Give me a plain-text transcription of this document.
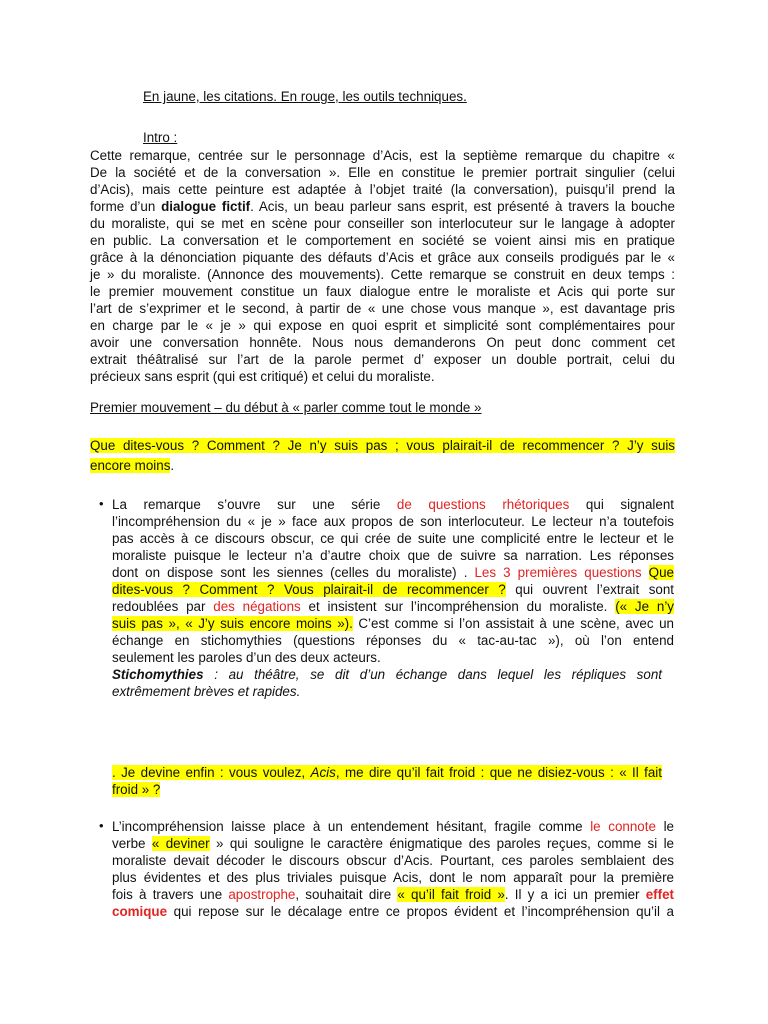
En jaune, les citations. En rouge, les outils techniques.
Intro :
Cette remarque, centrée sur le personnage d’Acis, est la septième remarque du chapitre «
De la société et de la conversation ». Elle en constitue le premier portrait singulier (celui
d’Acis), mais cette peinture est adaptée à l’objet traité (la conversation), puisqu’il prend la
forme d’un dialogue fictif. Acis, un beau parleur sans esprit, est présenté à travers la bouche
du moraliste, qui se met en scène pour conseiller son interlocuteur sur le langage à adopter
en public. La conversation et le comportement en société se voient ainsi mis en pratique
grâce à la dénonciation piquante des défauts d’Acis et grâce aux conseils prodigués par le «
je » du moraliste. (Annonce des mouvements). Cette remarque se construit en deux temps :
le premier mouvement constitue un faux dialogue entre le moraliste et Acis qui porte sur
l’art de s’exprimer et le second, à partir de « une chose vous manque », est davantage pris
en charge par le « je » qui expose en quoi esprit et simplicité sont complémentaires pour
avoir une conversation honnête. Nous nous demanderons On peut donc comment cet
extrait théâtralisé sur l’art de la parole permet d’ exposer un double portrait, celui du
précieux sans esprit (qui est critiqué) et celui du moraliste.
Premier mouvement – du début à « parler comme tout le monde »
Que dites-vous ? Comment ? Je n’y suis pas ; vous plairait-il de recommencer ? J’y suis
encore moins.
• La remarque s’ouvre sur une série de questions rhétoriques qui signalent
l’incompréhension du « je » face aux propos de son interlocuteur. Le lecteur n’a toutefois
pas accès à ce discours obscur, ce qui crée de suite une complicité entre le lecteur et le
moraliste puisque le lecteur n’a d’autre choix que de suivre sa narration. Les réponses
dont on dispose sont les siennes (celles du moraliste) . Les 3 premières questions Que
dites-vous ? Comment ? Vous plairait-il de recommencer ? qui ouvrent l’extrait sont
redoublées par des négations et insistent sur l’incompréhension du moraliste. (« Je n’y
suis pas », « J’y suis encore moins »). C’est comme si l’on assistait à une scène, avec un
échange en stichomythies (questions réponses du « tac-au-tac »), où l’on entend
seulement les paroles d’un des deux acteurs.
Stichomythies : au théâtre, se dit d’un échange dans lequel les répliques sont
extrêmement brèves et rapides.
. Je devine enfin : vous voulez, Acis, me dire qu’il fait froid : que ne disiez-vous : « Il fait
froid » ?
• L’incompréhension laisse place à un entendement hésitant, fragile comme le connote le
verbe « deviner » qui souligne le caractère énigmatique des paroles reçues, comme si le
moraliste devait décoder le discours obscur d’Acis. Pourtant, ces paroles semblaient des
plus évidentes et des plus triviales puisque Acis, dont le nom apparaît pour la première
fois à travers une apostrophe, souhaitait dire « qu’il fait froid ». Il y a ici un premier effet
comique qui repose sur le décalage entre ce propos évident et l’incompréhension qu’il a
